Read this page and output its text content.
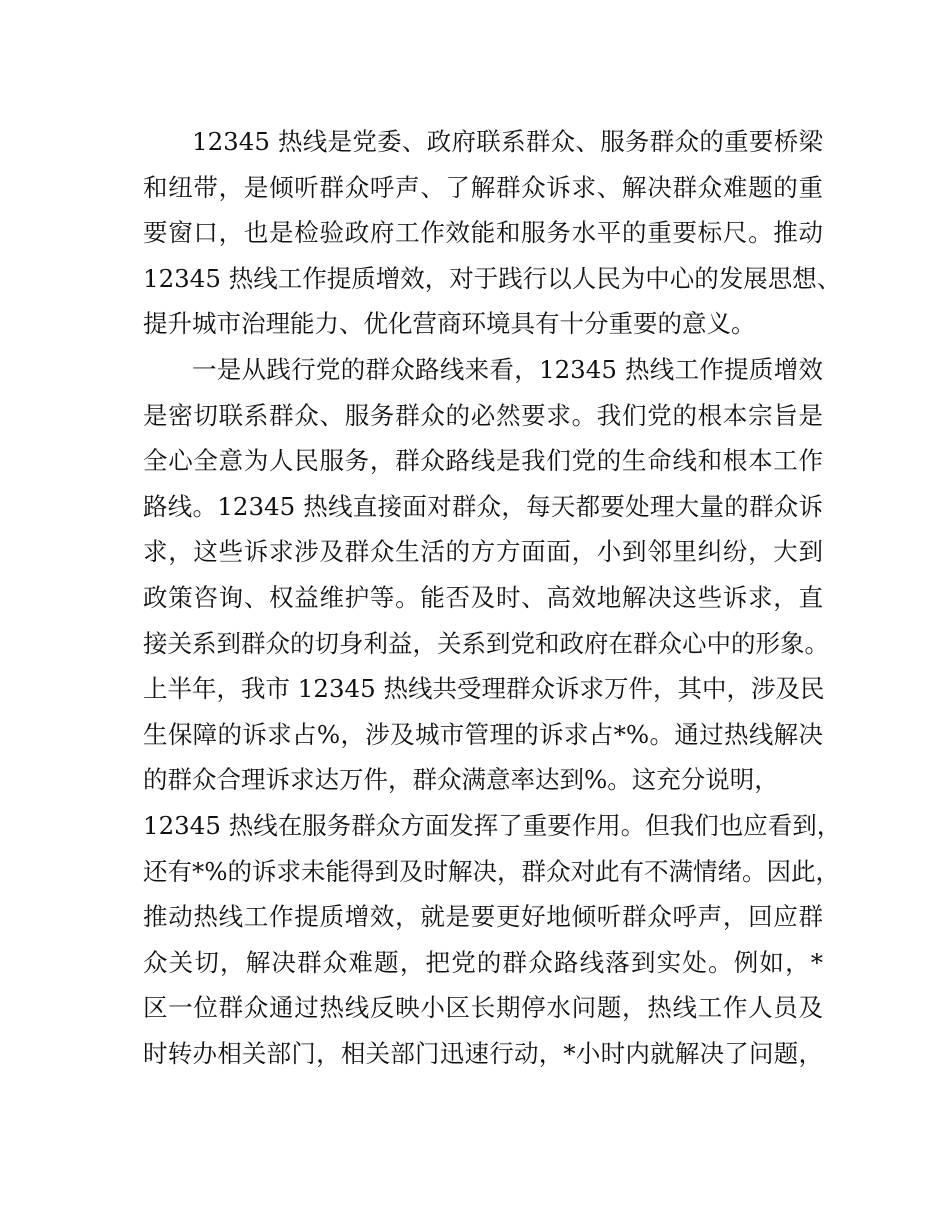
12345 热线是党委、政府联系群众、服务群众的重要桥梁
和纽带，是倾听群众呼声、了解群众诉求、解决群众难题的重
要窗口，也是检验政府工作效能和服务水平的重要标尺。推动
12345 热线工作提质增效，对于践行以人民为中心的发展思想、
提升城市治理能力、优化营商环境具有十分重要的意义。
一是从践行党的群众路线来看，12345 热线工作提质增效
是密切联系群众、服务群众的必然要求。我们党的根本宗旨是
全心全意为人民服务，群众路线是我们党的生命线和根本工作
路线。12345 热线直接面对群众，每天都要处理大量的群众诉
求，这些诉求涉及群众生活的方方面面，小到邻里纠纷，大到
政策咨询、权益维护等。能否及时、高效地解决这些诉求，直
接关系到群众的切身利益，关系到党和政府在群众心中的形象。
上半年，我市 12345 热线共受理群众诉求万件，其中，涉及民
生保障的诉求占%，涉及城市管理的诉求占*%。通过热线解决
的群众合理诉求达万件，群众满意率达到%。这充分说明，
12345 热线在服务群众方面发挥了重要作用。但我们也应看到，
还有*%的诉求未能得到及时解决，群众对此有不满情绪。因此，
推动热线工作提质增效，就是要更好地倾听群众呼声，回应群
众关切，解决群众难题，把党的群众路线落到实处。例如，*
区一位群众通过热线反映小区长期停水问题，热线工作人员及
时转办相关部门，相关部门迅速行动，*小时内就解决了问题，
